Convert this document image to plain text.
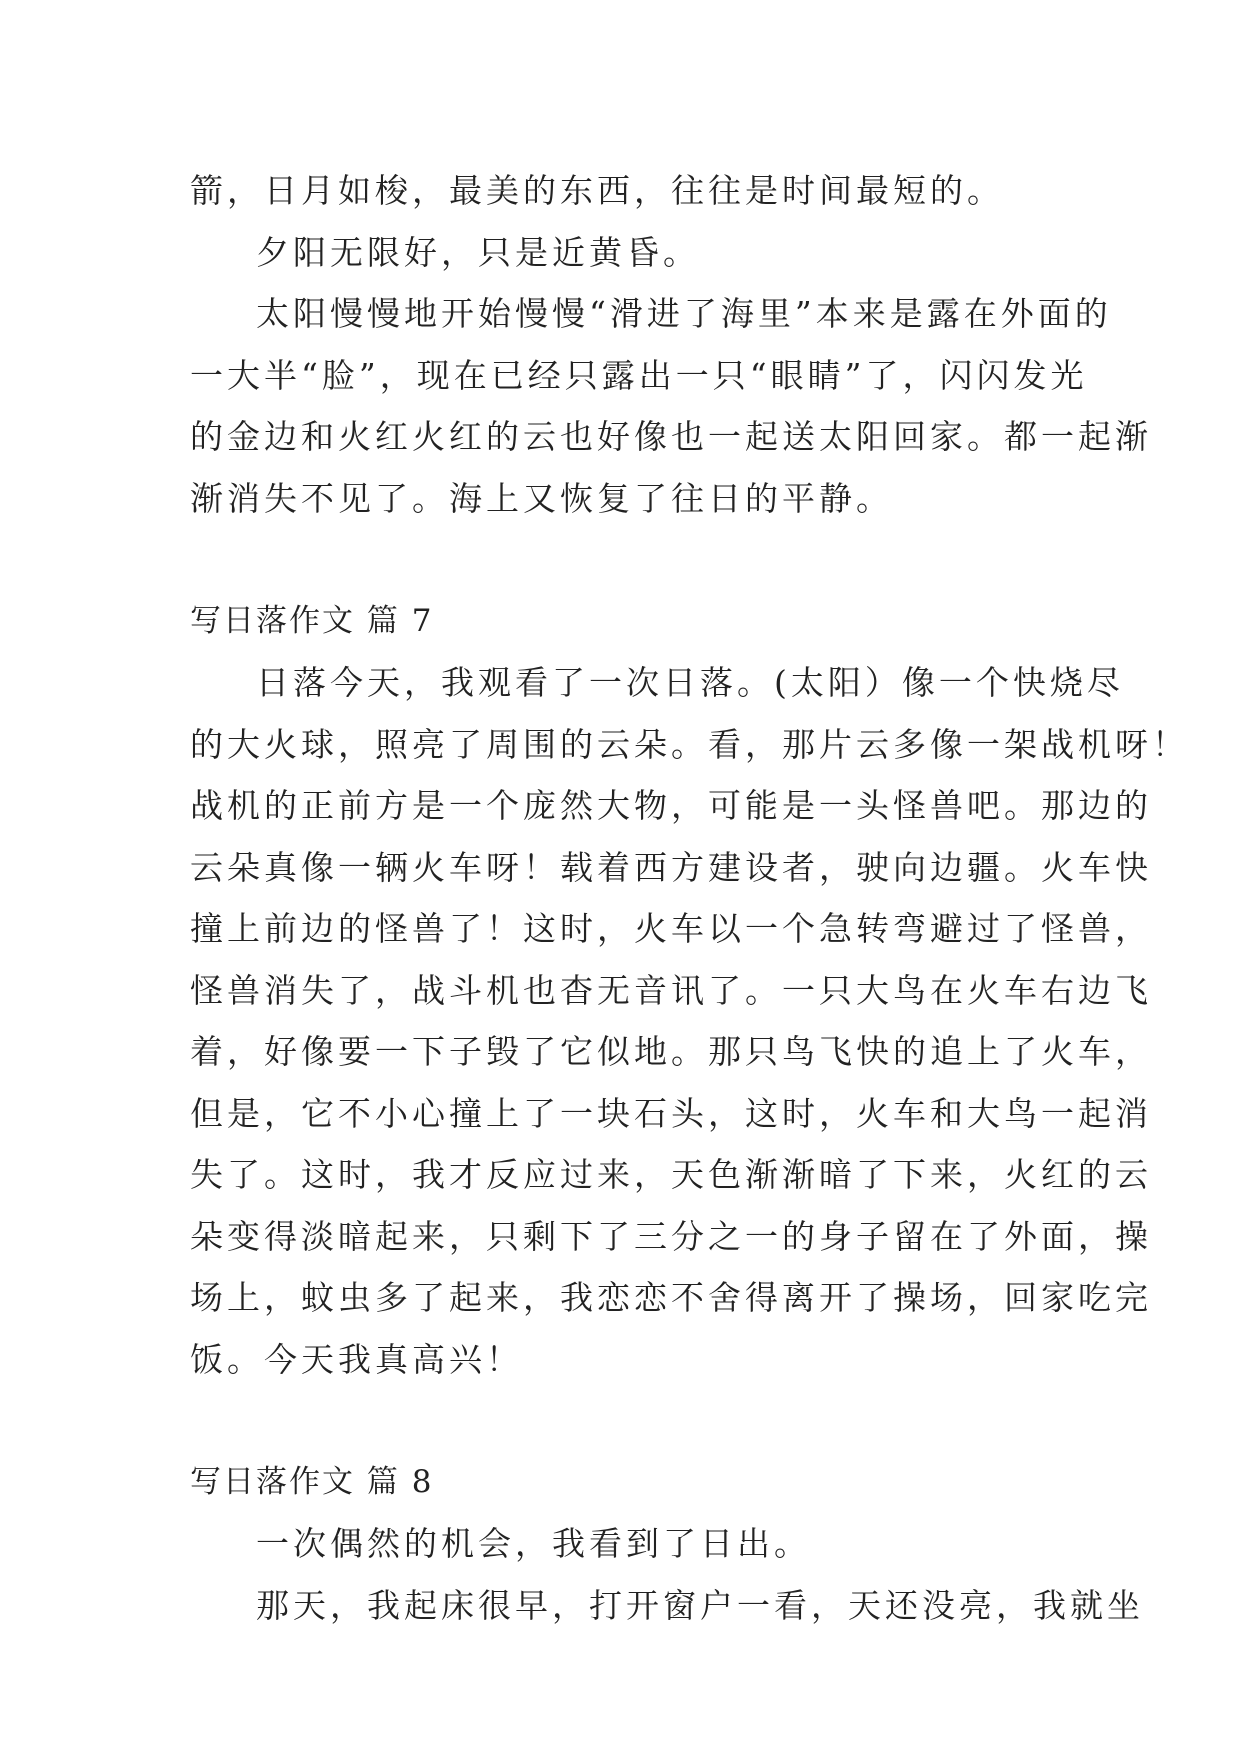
箭，日月如梭，最美的东西，往往是时间最短的。
夕阳无限好，只是近黄昏。
太阳慢慢地开始慢慢“滑进了海里”本来是露在外面的
一大半“脸”，现在已经只露出一只“眼睛”了，闪闪发光
的金边和火红火红的云也好像也一起送太阳回家。都一起渐
渐消失不见了。海上又恢复了往日的平静。
写日落作文 篇 7
日落今天，我观看了一次日落。(太阳）像一个快烧尽
的大火球，照亮了周围的云朵。看，那片云多像一架战机呀！
战机的正前方是一个庞然大物，可能是一头怪兽吧。那边的
云朵真像一辆火车呀！载着西方建设者，驶向边疆。火车快
撞上前边的怪兽了！这时，火车以一个急转弯避过了怪兽，
怪兽消失了，战斗机也杳无音讯了。一只大鸟在火车右边飞
着，好像要一下子毁了它似地。那只鸟飞快的追上了火车，
但是，它不小心撞上了一块石头，这时，火车和大鸟一起消
失了。这时，我才反应过来，天色渐渐暗了下来，火红的云
朵变得淡暗起来，只剩下了三分之一的身子留在了外面，操
场上，蚊虫多了起来，我恋恋不舍得离开了操场，回家吃完
饭。今天我真高兴！
写日落作文 篇 8
一次偶然的机会，我看到了日出。
那天，我起床很早，打开窗户一看，天还没亮，我就坐
